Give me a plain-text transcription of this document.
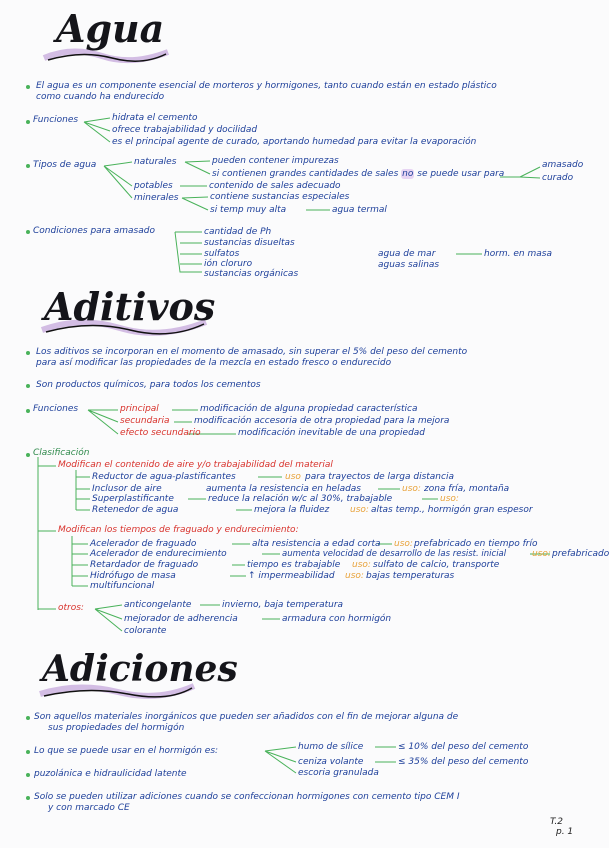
Agua
El agua es un componente esencial de morteros y hormigones, tanto cuando están en estado plástico
como cuando ha endurecido
Funciones	hidrata el cemento
ofrece trabajabilidad y docilidad
es el principal agente de curado, aportando humedad para evitar la evaporación
Tipos de agua	naturales	pueden contener impurezas
si contienen grandes cantidades de sales no se puede usar para
amasado
curado
potables	contenido de sales adecuado
minerales	contiene sustancias especiales
si temp muy alta	agua termal
Condiciones para amasado	cantidad de Ph
sustancias disueltas
sulfatos
ión cloruro
sustancias orgánicas
agua de mar
aguas salinas
horm. en masa
Aditivos
Los aditivos se incorporan en el momento de amasado, sin superar el 5% del peso del cemento
para así modificar las propiedades de la mezcla en estado fresco o endurecido
Son productos químicos, para todos los cementos
Funciones	principal	modificación de alguna propiedad característica
secundaria	modificación accesoria de otra propiedad para la mejora
efecto secundario	modificación inevitable de una propiedad
Clasificación
Modifican el contenido de aire y/o trabajabilidad del material
Reductor de agua-plastificantes	uso para trayectos de larga distancia
Inclusor de aire	aumenta la resistencia en heladas	uso: zona fría, montaña
Superplastificante	reduce la relación w/c al 30%, trabajable	uso:
Retenedor de agua	mejora la fluidez uso: altas temp., hormigón gran espesor
Modifican los tiempos de fraguado y endurecimiento:
Acelerador de fraguado	alta resistencia a edad corta uso: prefabricado en tiempo frío
Acelerador de endurecimiento	aumenta velocidad de desarrollo de las resist. inicial	uso: prefabricado
Retardador de fraguado	tiempo es trabajable uso: sulfato de calcio, transporte
Hidrófugo de masa	↑ impermeabilidad uso: bajas temperaturas
multifuncional
otros:	anticongelante	invierno, baja temperatura
mejorador de adherencia	armadura con hormigón
colorante
Adiciones
Son aquellos materiales inorgánicos que pueden ser añadidos con el fin de mejorar alguna de
sus propiedades del hormigón
Lo que se puede usar en el hormigón es:	humo de sílice	≤ 10% del peso del cemento
ceniza volante	≤ 35% del peso del cemento
escoria granulada
puzolánica e hidraulicidad latente
Solo se pueden utilizar adiciones cuando se confeccionan hormigones con cemento tipo CEM I
y con marcado CE
T.2
p. 1
